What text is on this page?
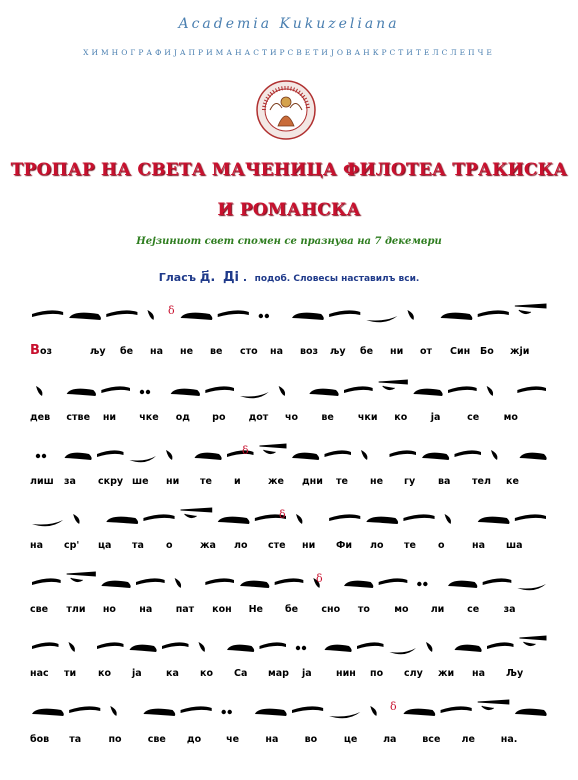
Academia Kukuzeliana
ХИМНОГРАФИЈАПРИМАНАСТИРСВЕТИЈОВАНКРСТИТЕЛСЛЕПЧЕ
ТРОПАР НА СВЕТА МАЧЕНИЦА ФИЛОТЕА ТРАКИСКА
И РОМАНСКА
Нејзиниот свет спомен се празнува на 7 декември
Гласъ д҃. Ді .  подоб. Словесы наставилъ вси.
δ
В оз	љу бе на не ве сто на воз љу бе ни от Син Бо жји
дев стве ни чке од ро дот чо ве	чки ко ја	се	мо
δ
лиш за скру ше ни те и	же дни те не гу ва тел ке
δ
на ср' ца та о	жа ло сте ни Фи ло те о	на ша
δ
све тли но на пат кон Не бе сно то	мо ли се	за
нас ти ко ја	ка ко Са мар ја	нин по слу жи на Љу
δ
бов та	по	све до	че	на	во	це	ла	все ле	на.
